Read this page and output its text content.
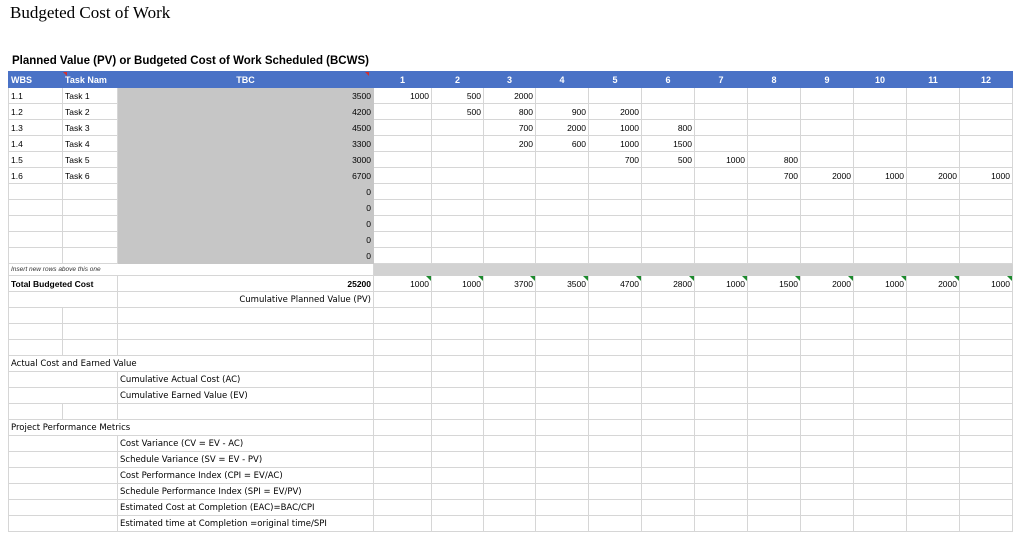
Budgeted Cost of Work
Planned Value (PV) or Budgeted Cost of Work Scheduled (BCWS)
WBS	Task Nam	TBC	1	2	3	4	5	6	7	8	9	10	11	12
1.1	Task 1	3500	1000	500	2000									
1.2	Task 2	4200		500	800	900	2000							
1.3	Task 3	4500			700	2000	1000	800						
1.4	Task 4	3300			200	600	1000	1500						
1.5	Task 5	3000					700	500	1000	800				
1.6	Task 6	6700								700	2000	1000	2000	1000
		0												
		0												
		0												
		0												
		0												
Insert new rows above this one														
Total Budgeted Cost		25200	1000	1000	3700	3500	4700	2800	1000	1500	2000	1000	2000	1000
		Cumulative Planned Value (PV)												

Actual Cost and Earned Value														
		Cumulative Actual Cost (AC)												
		Cumulative Earned Value (EV)												

Project Performance Metrics														
		Cost Variance (CV = EV - AC)												
		Schedule Variance (SV = EV - PV)												
		Cost Performance Index (CPI = EV/AC)												
		Schedule Performance Index (SPI = EV/PV)												
		Estimated Cost at Completion (EAC)=BAC/CPI												
		Estimated time at Completion =original time/SPI												
